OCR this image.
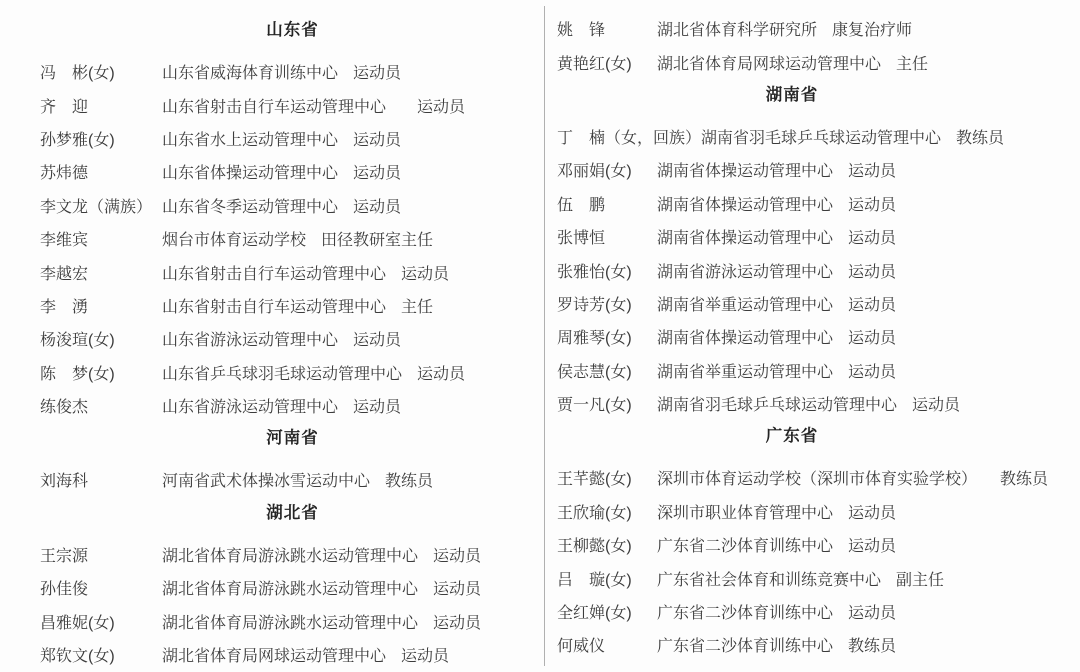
山东省
冯　彬(女)	山东省威海体育训练中心 运动员
齐　迎	山东省射击自行车运动管理中心　 运动员
孙梦雅(女)	山东省水上运动管理中心 运动员
苏炜德	山东省体操运动管理中心 运动员
李文龙（满族） 山东省冬季运动管理中心 运动员
李维宾	烟台市体育运动学校 田径教研室主任
李越宏	山东省射击自行车运动管理中心 运动员
李　湧	山东省射击自行车运动管理中心 主任
杨浚瑄(女)	山东省游泳运动管理中心 运动员
陈　梦(女)	山东省乒乓球羽毛球运动管理中心 运动员
练俊杰	山东省游泳运动管理中心 运动员
河南省
刘海科	河南省武术体操冰雪运动中心 教练员
湖北省
王宗源	湖北省体育局游泳跳水运动管理中心 运动员
孙佳俊	湖北省体育局游泳跳水运动管理中心 运动员
昌雅妮(女)	湖北省体育局游泳跳水运动管理中心 运动员
郑钦文(女)	湖北省体育局网球运动管理中心 运动员
姚　锋	湖北省体育科学研究所 康复治疗师
黄艳红(女)	湖北省体育局网球运动管理中心 主任
湖南省
丁　楠（女，回族） 湖南省羽毛球乒乓球运动管理中心 教练员
邓丽娟(女)	湖南省体操运动管理中心 运动员
伍　鹏	湖南省体操运动管理中心 运动员
张博恒	湖南省体操运动管理中心 运动员
张雅怡(女)	湖南省游泳运动管理中心 运动员
罗诗芳(女)	湖南省举重运动管理中心 运动员
周雅琴(女)	湖南省体操运动管理中心 运动员
侯志慧(女)	湖南省举重运动管理中心 运动员
贾一凡(女)	湖南省羽毛球乒乓球运动管理中心 运动员
广东省
王芊懿(女)	深圳市体育运动学校（深圳市体育实验学校）　 教练员
王欣瑜(女)	深圳市职业体育管理中心 运动员
王柳懿(女)	广东省二沙体育训练中心 运动员
吕　璇(女)	广东省社会体育和训练竞赛中心 副主任
全红婵(女)	广东省二沙体育训练中心 运动员
何威仪	广东省二沙体育训练中心 教练员
